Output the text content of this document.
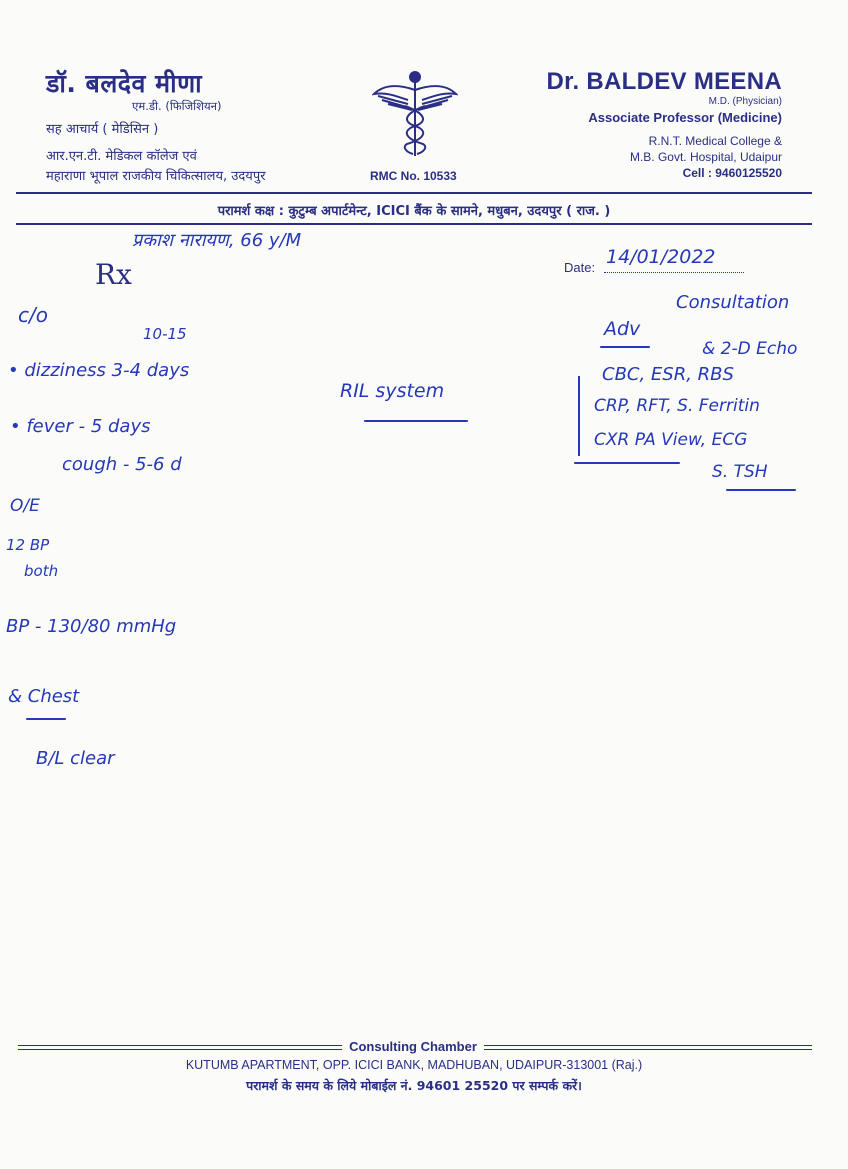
डॉ. बलदेव मीणा
एम.डी. (फिजिशियन)
सह आचार्य ( मेडिसिन )
आर.एन.टी. मेडिकल कॉलेज एवं
महाराणा भूपाल राजकीय चिकित्सालय, उदयपुर	RMC No. 10533
Dr. BALDEV MEENA
M.D. (Physician)
Associate Professor (Medicine)
R.N.T. Medical College &
M.B. Govt. Hospital, Udaipur
Cell : 9460125520
परामर्श कक्ष : कुटुम्ब अपार्टमेन्ट, ICICI बैंक के सामने, मधुबन, उदयपुर ( राज. )
प्रकाश नारायण, 66 y/M
Rx	Date: 14/01/2022
c/o
• dizziness 3-4 days
10-15
• fever - 5 days
cough - 5-6 d
O/E
12 BP
both
BP - 130/80 mmHg
& Chest
B/L clear
RIL system
Consultation
Adv
& 2-D Echo
CBC, ESR, RBS
CRP, RFT, S. Ferritin
CXR PA View, ECG
S. TSH
Consulting Chamber
KUTUMB APARTMENT, OPP. ICICI BANK, MADHUBAN, UDAIPUR-313001 (Raj.)
परामर्श के समय के लिये मोबाईल नं. 94601 25520 पर सम्पर्क करें।
